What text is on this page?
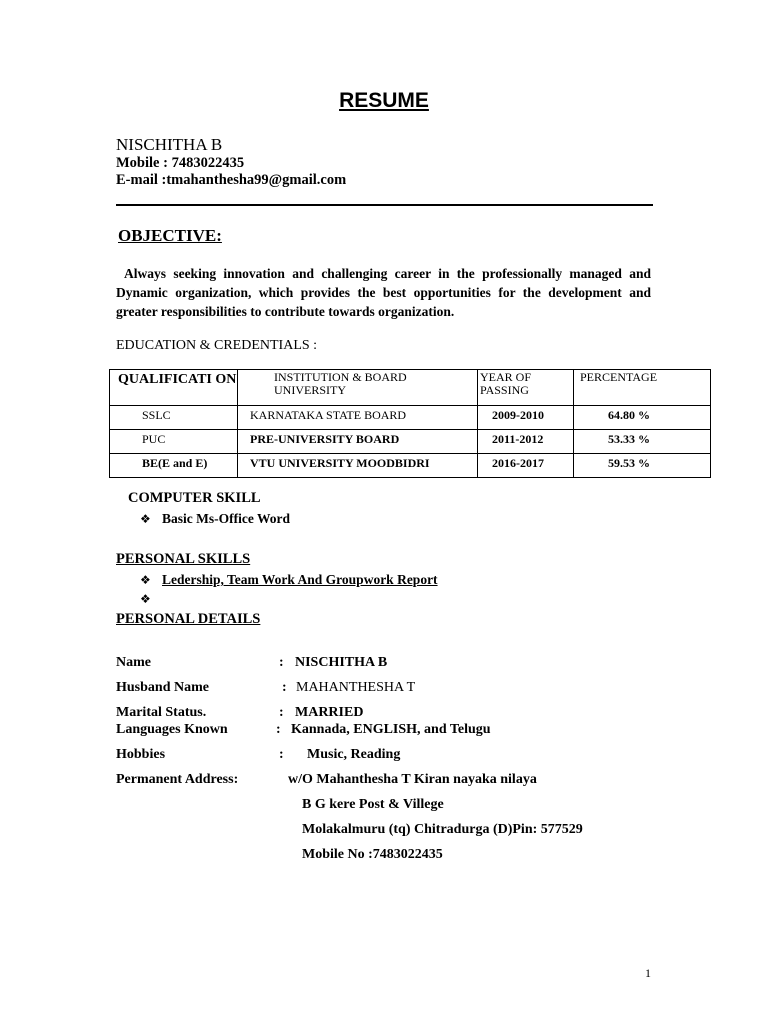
RESUME
NISCHITHA B
Mobile : 7483022435
E-mail :tmahanthesha99@gmail.com
OBJECTIVE:
Always seeking innovation and challenging career in the professionally managed and Dynamic organization, which provides the best opportunities for the development and greater responsibilities to contribute towards organization.
EDUCATION & CREDENTIALS :
QUALIFICATI ON	INSTITUTION & BOARD UNIVERSITY	YEAR OF PASSING	PERCENTAGE
SSLC	KARNATAKA STATE BOARD	2009-2010	64.80 %
PUC	PRE-UNIVERSITY BOARD	2011-2012	53.33 %
BE(E and E)	VTU UNIVERSITY MOODBIDRI	2016-2017	59.53 %
COMPUTER SKILL
❖ Basic Ms-Office Word
PERSONAL SKILLS
❖ Ledership, Team Work And Groupwork Report
❖
PERSONAL DETAILS
Name	: NISCHITHA B
Husband Name	: MAHANTHESHA T
Marital Status.	: MARRIED
Languages Known	: Kannada, ENGLISH, and Telugu
Hobbies	: Music, Reading
Permanent Address:	w/O Mahanthesha T Kiran nayaka nilaya
B G kere Post & Villege
Molakalmuru (tq) Chitradurga (D)Pin: 577529
Mobile No :7483022435
1
